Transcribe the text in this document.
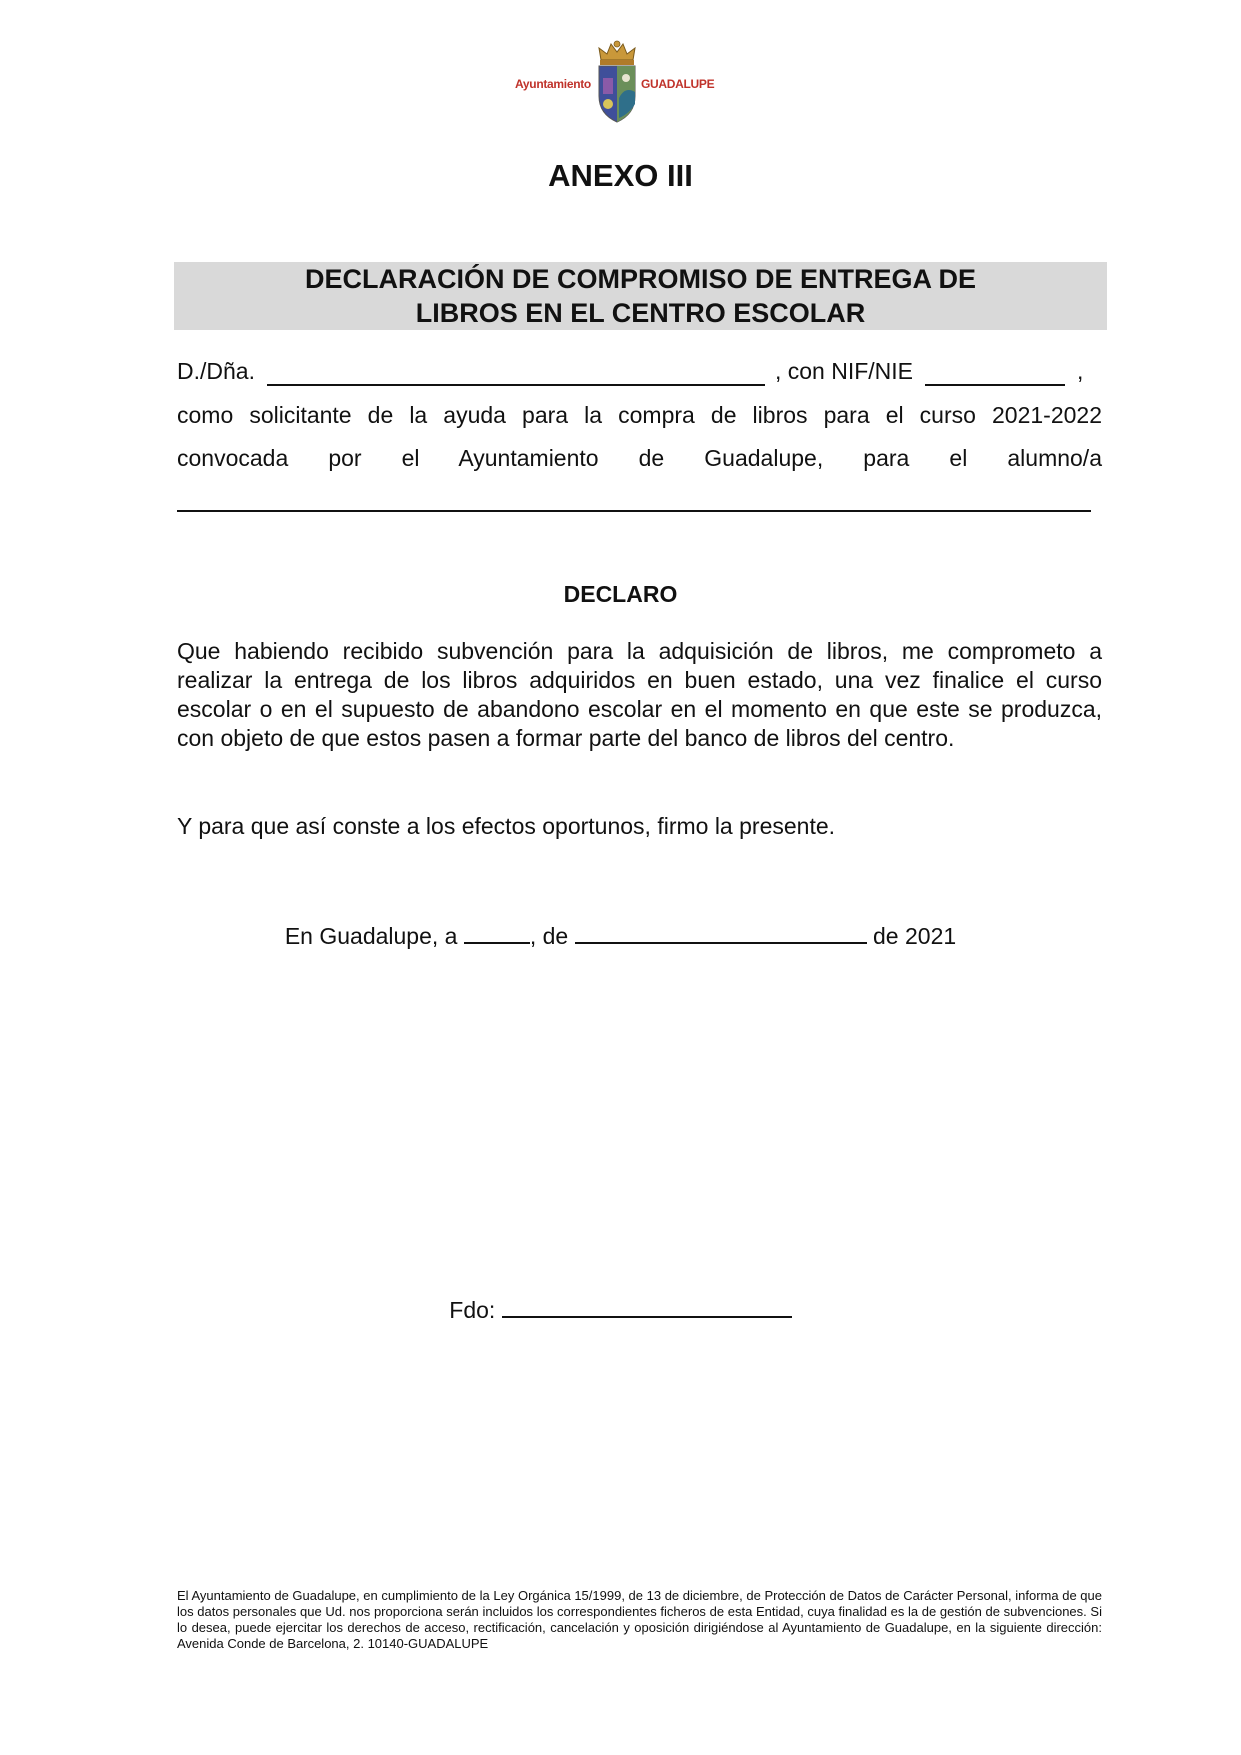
Ayuntamiento	GUADALUPE
ANEXO III
DECLARACIÓN DE COMPROMISO DE ENTREGA DE
LIBROS EN EL CENTRO ESCOLAR
D./Dña.	, con NIF/NIE	,
como solicitante de la ayuda para la compra de libros para el curso 2021-2022
convocada por el Ayuntamiento de Guadalupe, para el alumno/a
DECLARO
Que habiendo recibido subvención para la adquisición de libros, me comprometo a realizar la entrega de los libros adquiridos en buen estado, una vez finalice el curso escolar o en el supuesto de abandono escolar en el momento en que este se produzca, con objeto de que estos pasen a formar parte del banco de libros del centro.
Y para que así conste a los efectos oportunos, firmo la presente.
En Guadalupe, a	, de	de 2021
Fdo:
El Ayuntamiento de Guadalupe, en cumplimiento de la Ley Orgánica 15/1999, de 13 de diciembre, de Protección de Datos de Carácter Personal, informa de que los datos personales que Ud. nos proporciona serán incluidos los correspondientes ficheros de esta Entidad, cuya finalidad es la de gestión de subvenciones. Si lo desea, puede ejercitar los derechos de acceso, rectificación, cancelación y oposición dirigiéndose al Ayuntamiento de Guadalupe, en la siguiente dirección: Avenida Conde de Barcelona, 2. 10140-GUADALUPE
